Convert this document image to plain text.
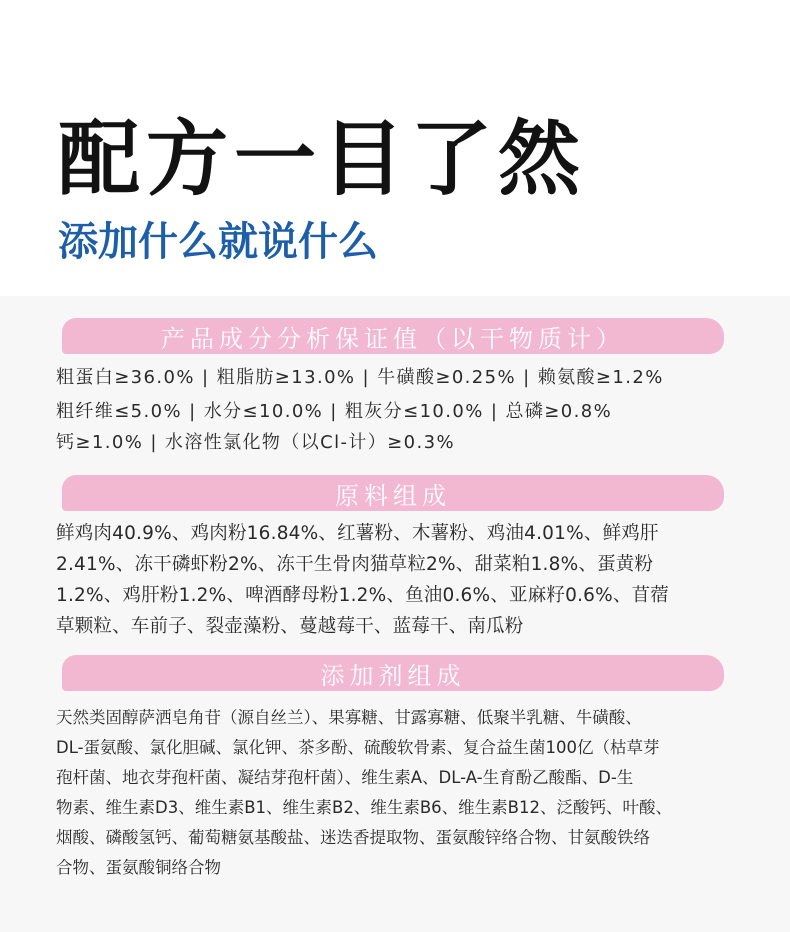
配方一目了然
添加什么就说什么
产品成分分析保证值（以干物质计）
粗蛋白≥36.0% | 粗脂肪≥13.0% | 牛磺酸≥0.25% | 赖氨酸≥1.2%
粗纤维≤5.0% | 水分≤10.0% | 粗灰分≤10.0% | 总磷≥0.8%
钙≥1.0% | 水溶性氯化物（以Cl-计）≥0.3%
原料组成
鲜鸡肉40.9%、鸡肉粉16.84%、红薯粉、木薯粉、鸡油4.01%、鲜鸡肝
2.41%、冻干磷虾粉2%、冻干生骨肉猫草粒2%、甜菜粕1.8%、蛋黄粉
1.2%、鸡肝粉1.2%、啤酒酵母粉1.2%、鱼油0.6%、亚麻籽0.6%、苜蓿
草颗粒、车前子、裂壶藻粉、蔓越莓干、蓝莓干、南瓜粉
添加剂组成
天然类固醇萨洒皂角苷（源自丝兰）、果寡糖、甘露寡糖、低聚半乳糖、牛磺酸、
DL-蛋氨酸、氯化胆碱、氯化钾、茶多酚、硫酸软骨素、复合益生菌100亿（枯草芽
孢杆菌、地衣芽孢杆菌、凝结芽孢杆菌）、维生素A、DL-A-生育酚乙酸酯、D-生
物素、维生素D3、维生素B1、维生素B2、维生素B6、维生素B12、泛酸钙、叶酸、
烟酸、磷酸氢钙、葡萄糖氨基酸盐、迷迭香提取物、蛋氨酸锌络合物、甘氨酸铁络
合物、蛋氨酸铜络合物
